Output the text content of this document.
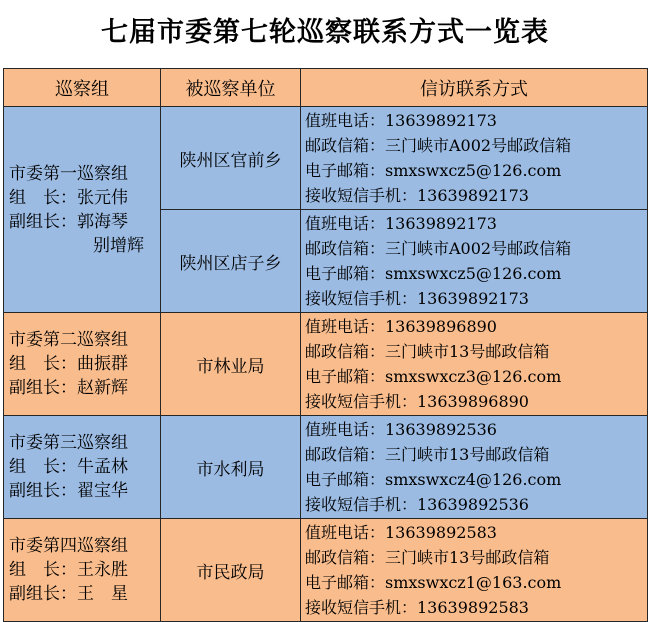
七届市委第七轮巡察联系方式一览表
巡察组	被巡察单位	信访联系方式

市委第一巡察组
组　长：张元伟
副组长：郭海琴
别增辉	陕州区官前乡	值班电话：13639892173
邮政信箱：三门峡市A002号邮政信箱
电子邮箱：smxswxcz5@126.com
接收短信手机：13639892173

	陕州区店子乡	值班电话：13639892173
邮政信箱：三门峡市A002号邮政信箱
电子邮箱：smxswxcz5@126.com
接收短信手机：13639892173

市委第二巡察组
组　长：曲振群
副组长：赵新辉	市林业局	值班电话：13639896890
邮政信箱：三门峡市13号邮政信箱
电子邮箱：smxswxcz3@126.com
接收短信手机：13639896890

市委第三巡察组
组　长：牛孟林
副组长：翟宝华	市水利局	值班电话：13639892536
邮政信箱：三门峡市13号邮政信箱
电子邮箱：smxswxcz4@126.com
接收短信手机：13639892536

市委第四巡察组
组　长：王永胜
副组长：王　星	市民政局	值班电话：13639892583
邮政信箱：三门峡市13号邮政信箱
电子邮箱：smxswxcz1@163.com
接收短信手机：13639892583
